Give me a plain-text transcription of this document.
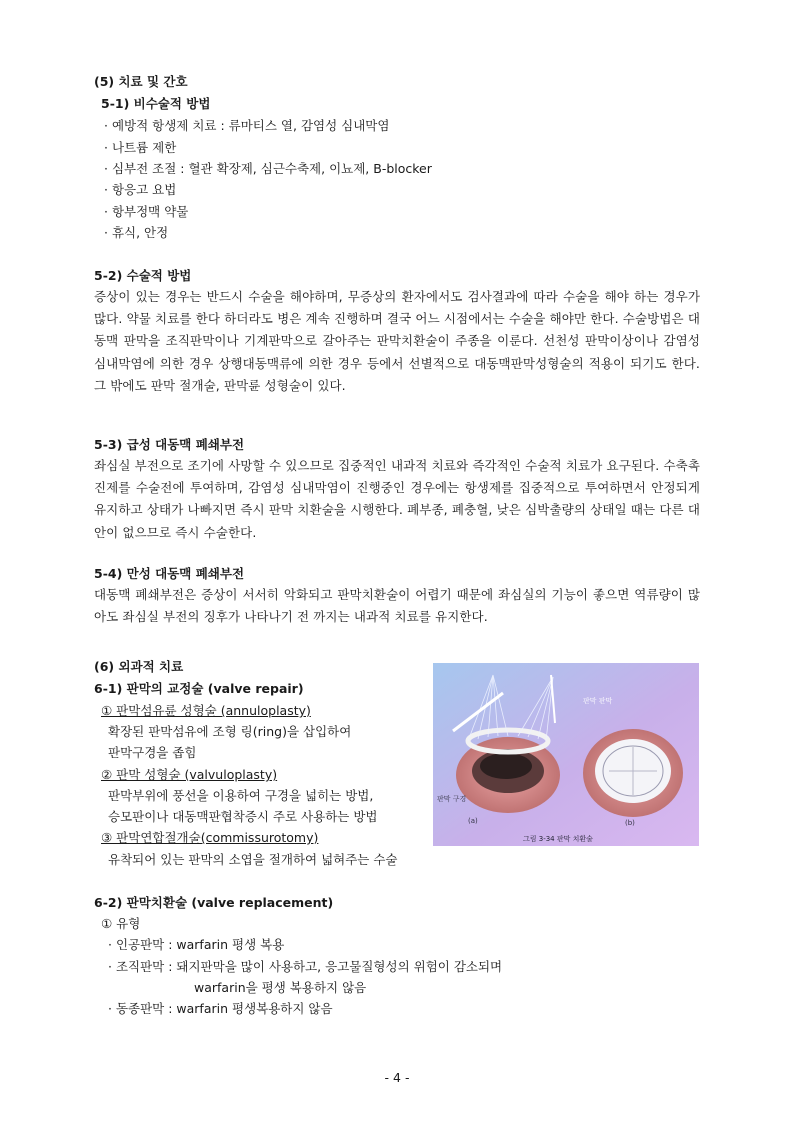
(5) 치료 및 간호
5-1) 비수술적 방법
· 예방적 항생제 치료 : 류마티스 열, 감염성 심내막염
· 나트륨 제한
· 심부전 조절 : 혈관 확장제, 심근수축제, 이뇨제, B-blocker
· 항응고 요법
· 항부정맥 약물
· 휴식, 안정
5-2) 수술적 방법
증상이 있는 경우는 반드시 수술을 해야하며, 무증상의 환자에서도 검사결과에 따라 수술을 해야 하는 경우가 많다. 약물 치료를 한다 하더라도 병은 계속 진행하며 결국 어느 시점에서는 수술을 해야만 한다. 수술방법은 대동맥 판막을 조직판막이나 기계판막으로 갈아주는 판막치환술이 주종을 이룬다. 선천성 판막이상이나 감염성 심내막염에 의한 경우 상행대동맥류에 의한 경우 등에서 선별적으로 대동맥판막성형술의 적용이 되기도 한다. 그 밖에도 판막 절개술, 판막륜 성형술이 있다.
5-3) 급성 대동맥 폐쇄부전
좌심실 부전으로 조기에 사망할 수 있으므로 집중적인 내과적 치료와 즉각적인 수술적 치료가 요구된다. 수축촉진제를 수술전에 투여하며, 감염성 심내막염이 진행중인 경우에는 항생제를 집중적으로 투여하면서 안정되게 유지하고 상태가 나빠지면 즉시 판막 치환술을 시행한다. 폐부종, 폐충혈, 낮은 심박출량의 상태일 때는 다른 대안이 없으므로 즉시 수술한다.
5-4) 만성 대동맥 폐쇄부전
대동맥 폐쇄부전은 증상이 서서히 악화되고 판막치환술이 어렵기 때문에 좌심실의 기능이 좋으면 역류량이 많아도 좌심실 부전의 징후가 나타나기 전 까지는 내과적 치료를 유지한다.
(6) 외과적 치료
6-1) 판막의 교정술 (valve repair)
① 판막섬유륜 성형술 (annuloplasty)
확장된 판막섬유에 조형 링(ring)을 삽입하여
판막구경을 좁힘
② 판막 성형술 (valvuloplasty)
판막부위에 풍선을 이용하여 구경을 넓히는 방법,
승모판이나 대동맥판협착증시 주로 사용하는 방법
③ 판막연합절개술(commissurotomy)
유착되어 있는 판막의 소엽을 절개하여 넓혀주는 수술
6-2) 판막치환술 (valve replacement)
① 유형
· 인공판막 : warfarin 평생 복용
· 조직판막 : 돼지판막을 많이 사용하고, 응고물질형성의 위험이 감소되며
warfarin을 평생 복용하지 않음
· 동종판막 : warfarin 평생복용하지 않음
판막 구경
판막 판막
(a)	(b)
그림 3-34 판막 치환술
- 4 -
